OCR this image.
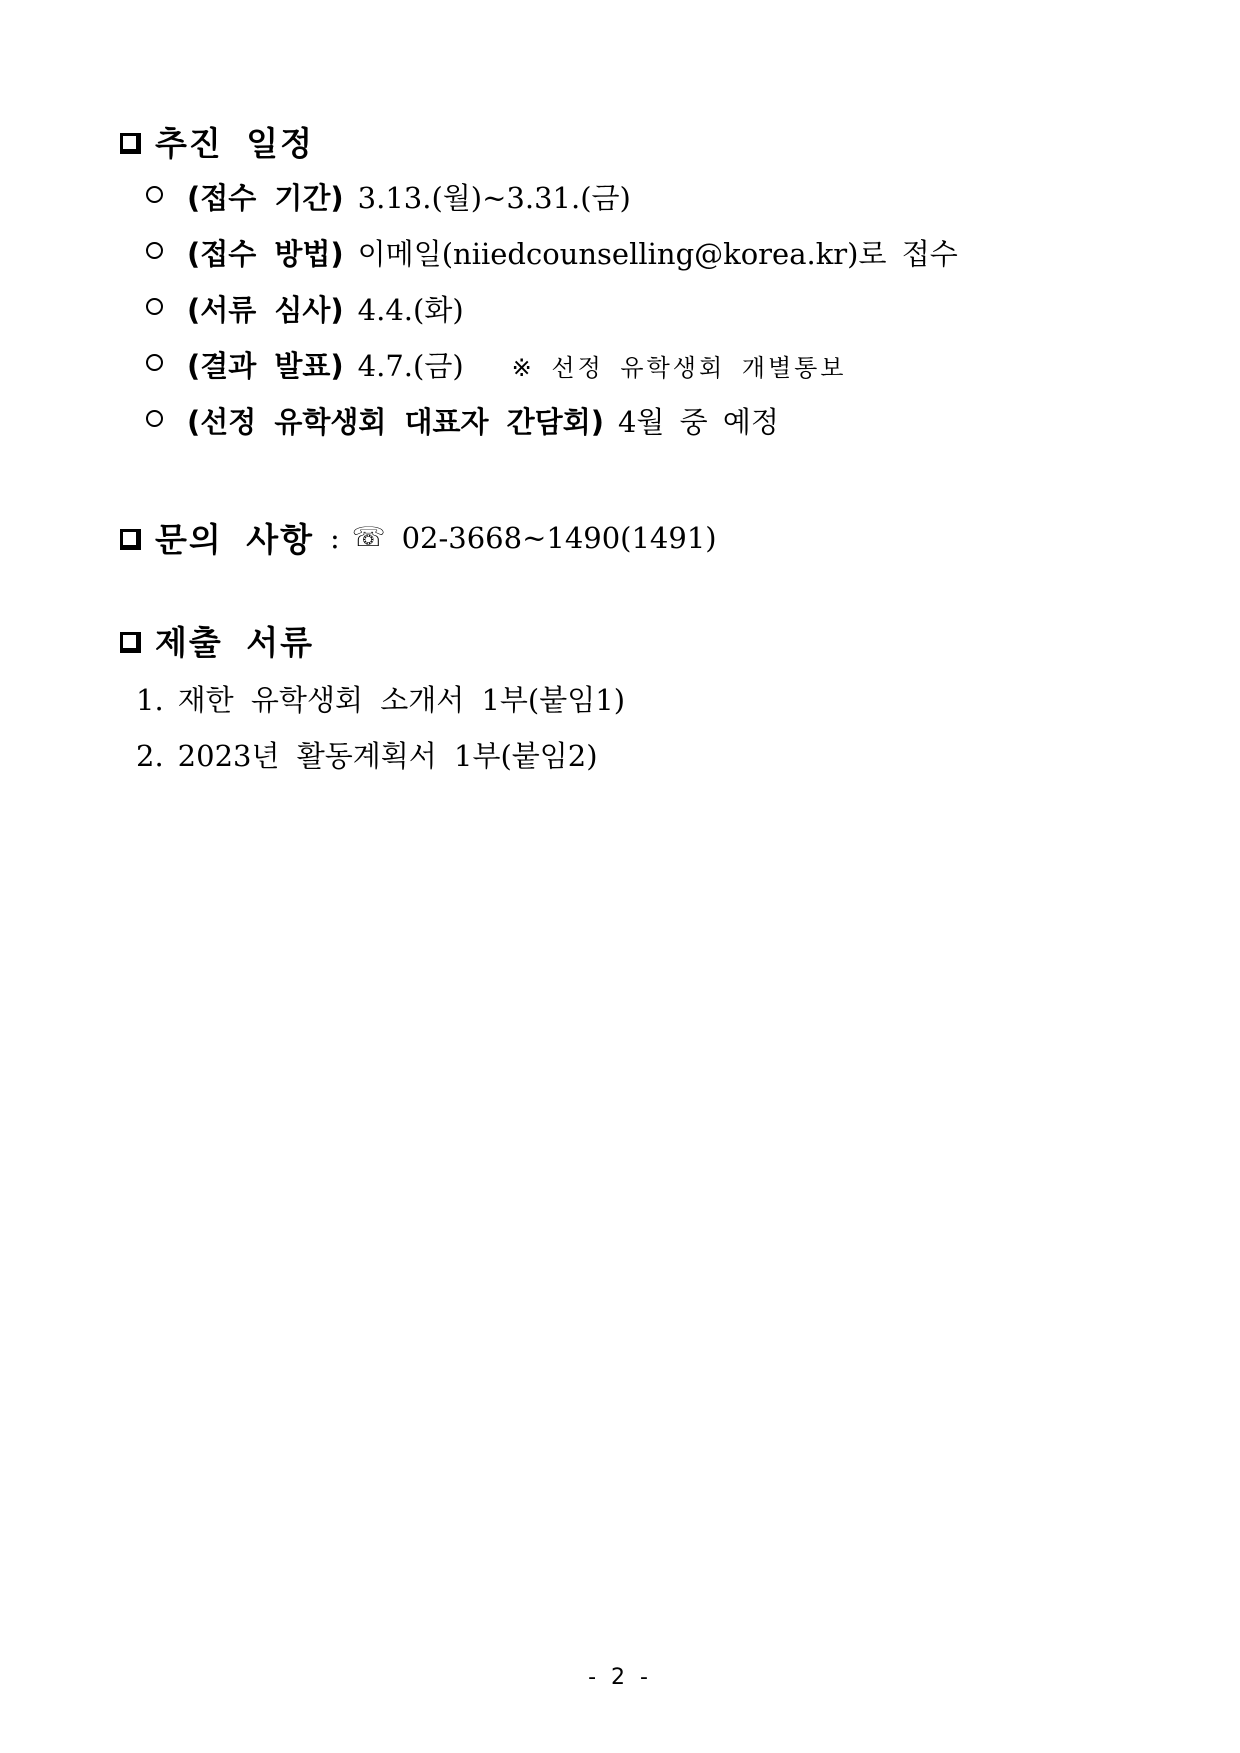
추진 일정
(접수 기간) 3.13.(월)~3.31.(금)
(접수 방법) 이메일(niiedcounselling@korea.kr)로 접수
(서류 심사) 4.4.(화)
(결과 발표) 4.7.(금) ※ 선정 유학생회 개별통보
(선정 유학생회 대표자 간담회) 4월 중 예정
문의 사항 : ☏ 02-3668~1490(1491)
제출 서류
1. 재한 유학생회 소개서 1부(붙임1)
2. 2023년 활동계획서 1부(붙임2)
- 2 -
